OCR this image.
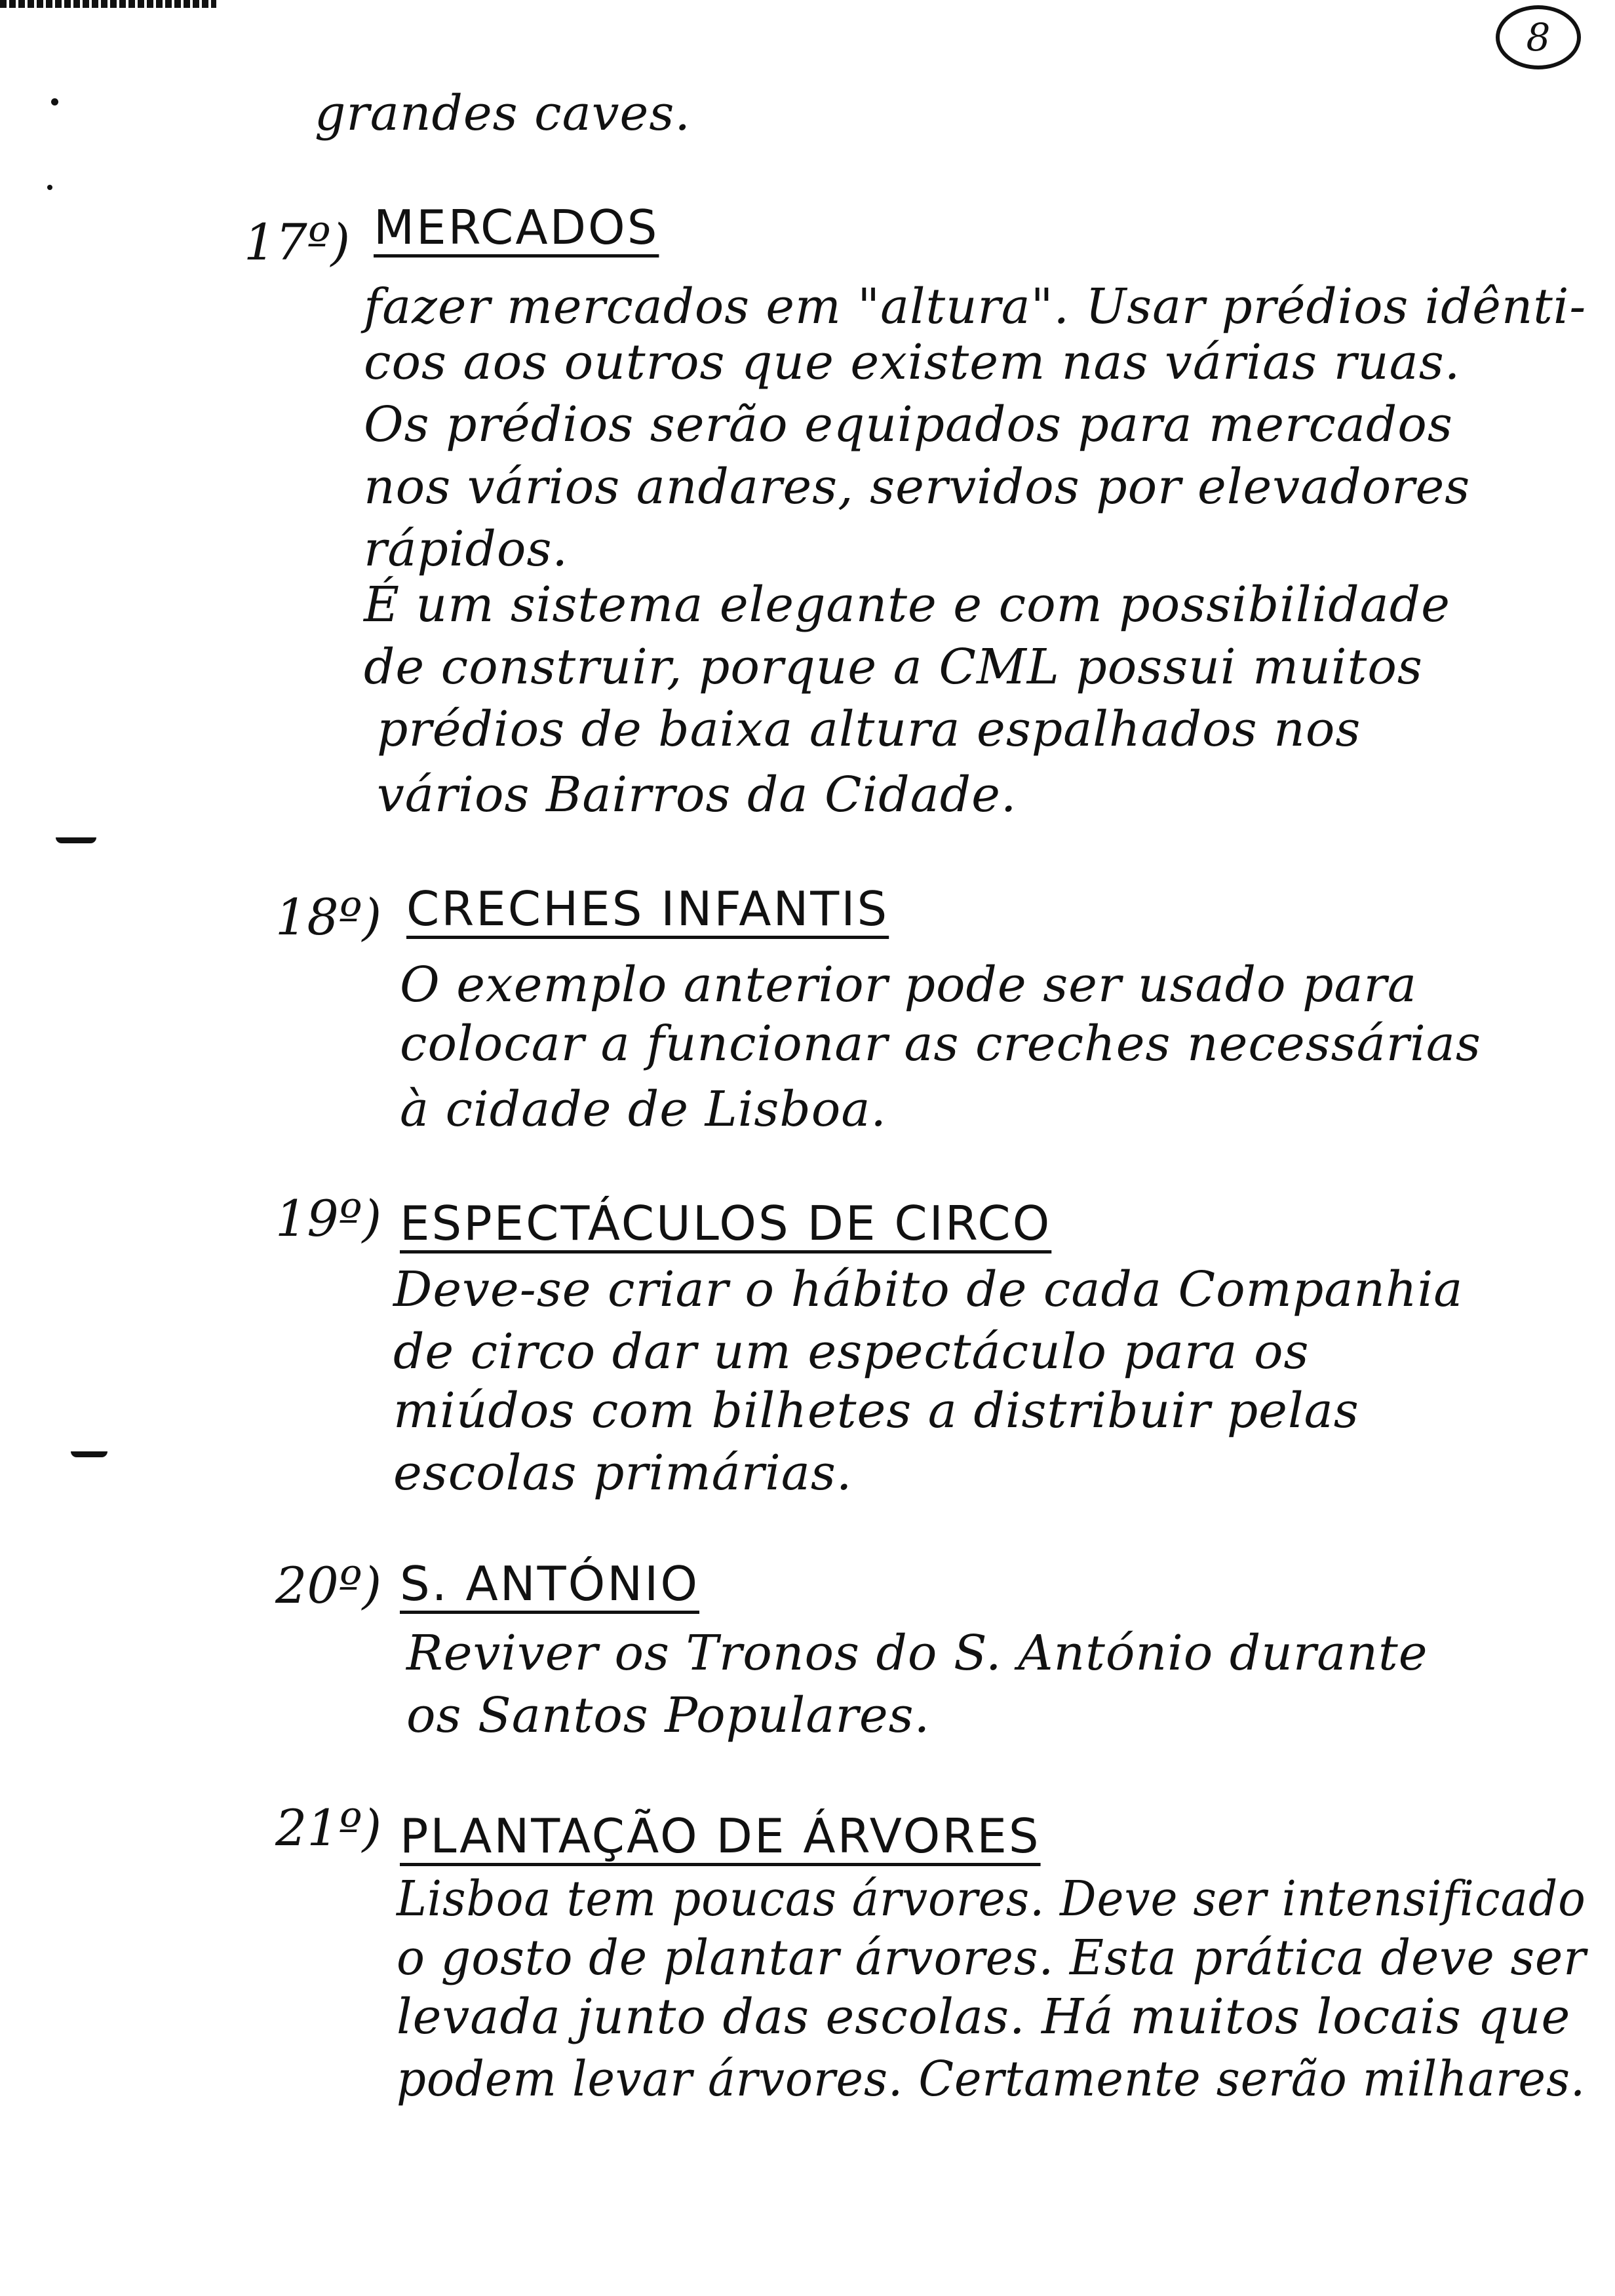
8
grandes caves.
17º) MERCADOS
fazer mercados em "altura". Usar prédios idênti-
cos aos outros que existem nas várias ruas.
Os prédios serão equipados para mercados
nos vários andares, servidos por elevadores
rápidos.
É um sistema elegante e com possibilidade
de construir, porque a CML possui muitos
prédios de baixa altura espalhados nos
vários Bairros da Cidade.
18º) CRECHES INFANTIS
O exemplo anterior pode ser usado para
colocar a funcionar as creches necessárias
à cidade de Lisboa.
19º) ESPECTÁCULOS DE CIRCO
Deve-se criar o hábito de cada Companhia
de circo dar um espectáculo para os
miúdos com bilhetes a distribuir pelas
escolas primárias.
20º) S. ANTÓNIO
Reviver os Tronos do S. António durante
os Santos Populares.
21º) PLANTAÇÃO DE ÁRVORES
Lisboa tem poucas árvores. Deve ser intensificado
o gosto de plantar árvores. Esta prática deve ser
levada junto das escolas. Há muitos locais que
podem levar árvores. Certamente serão milhares.
